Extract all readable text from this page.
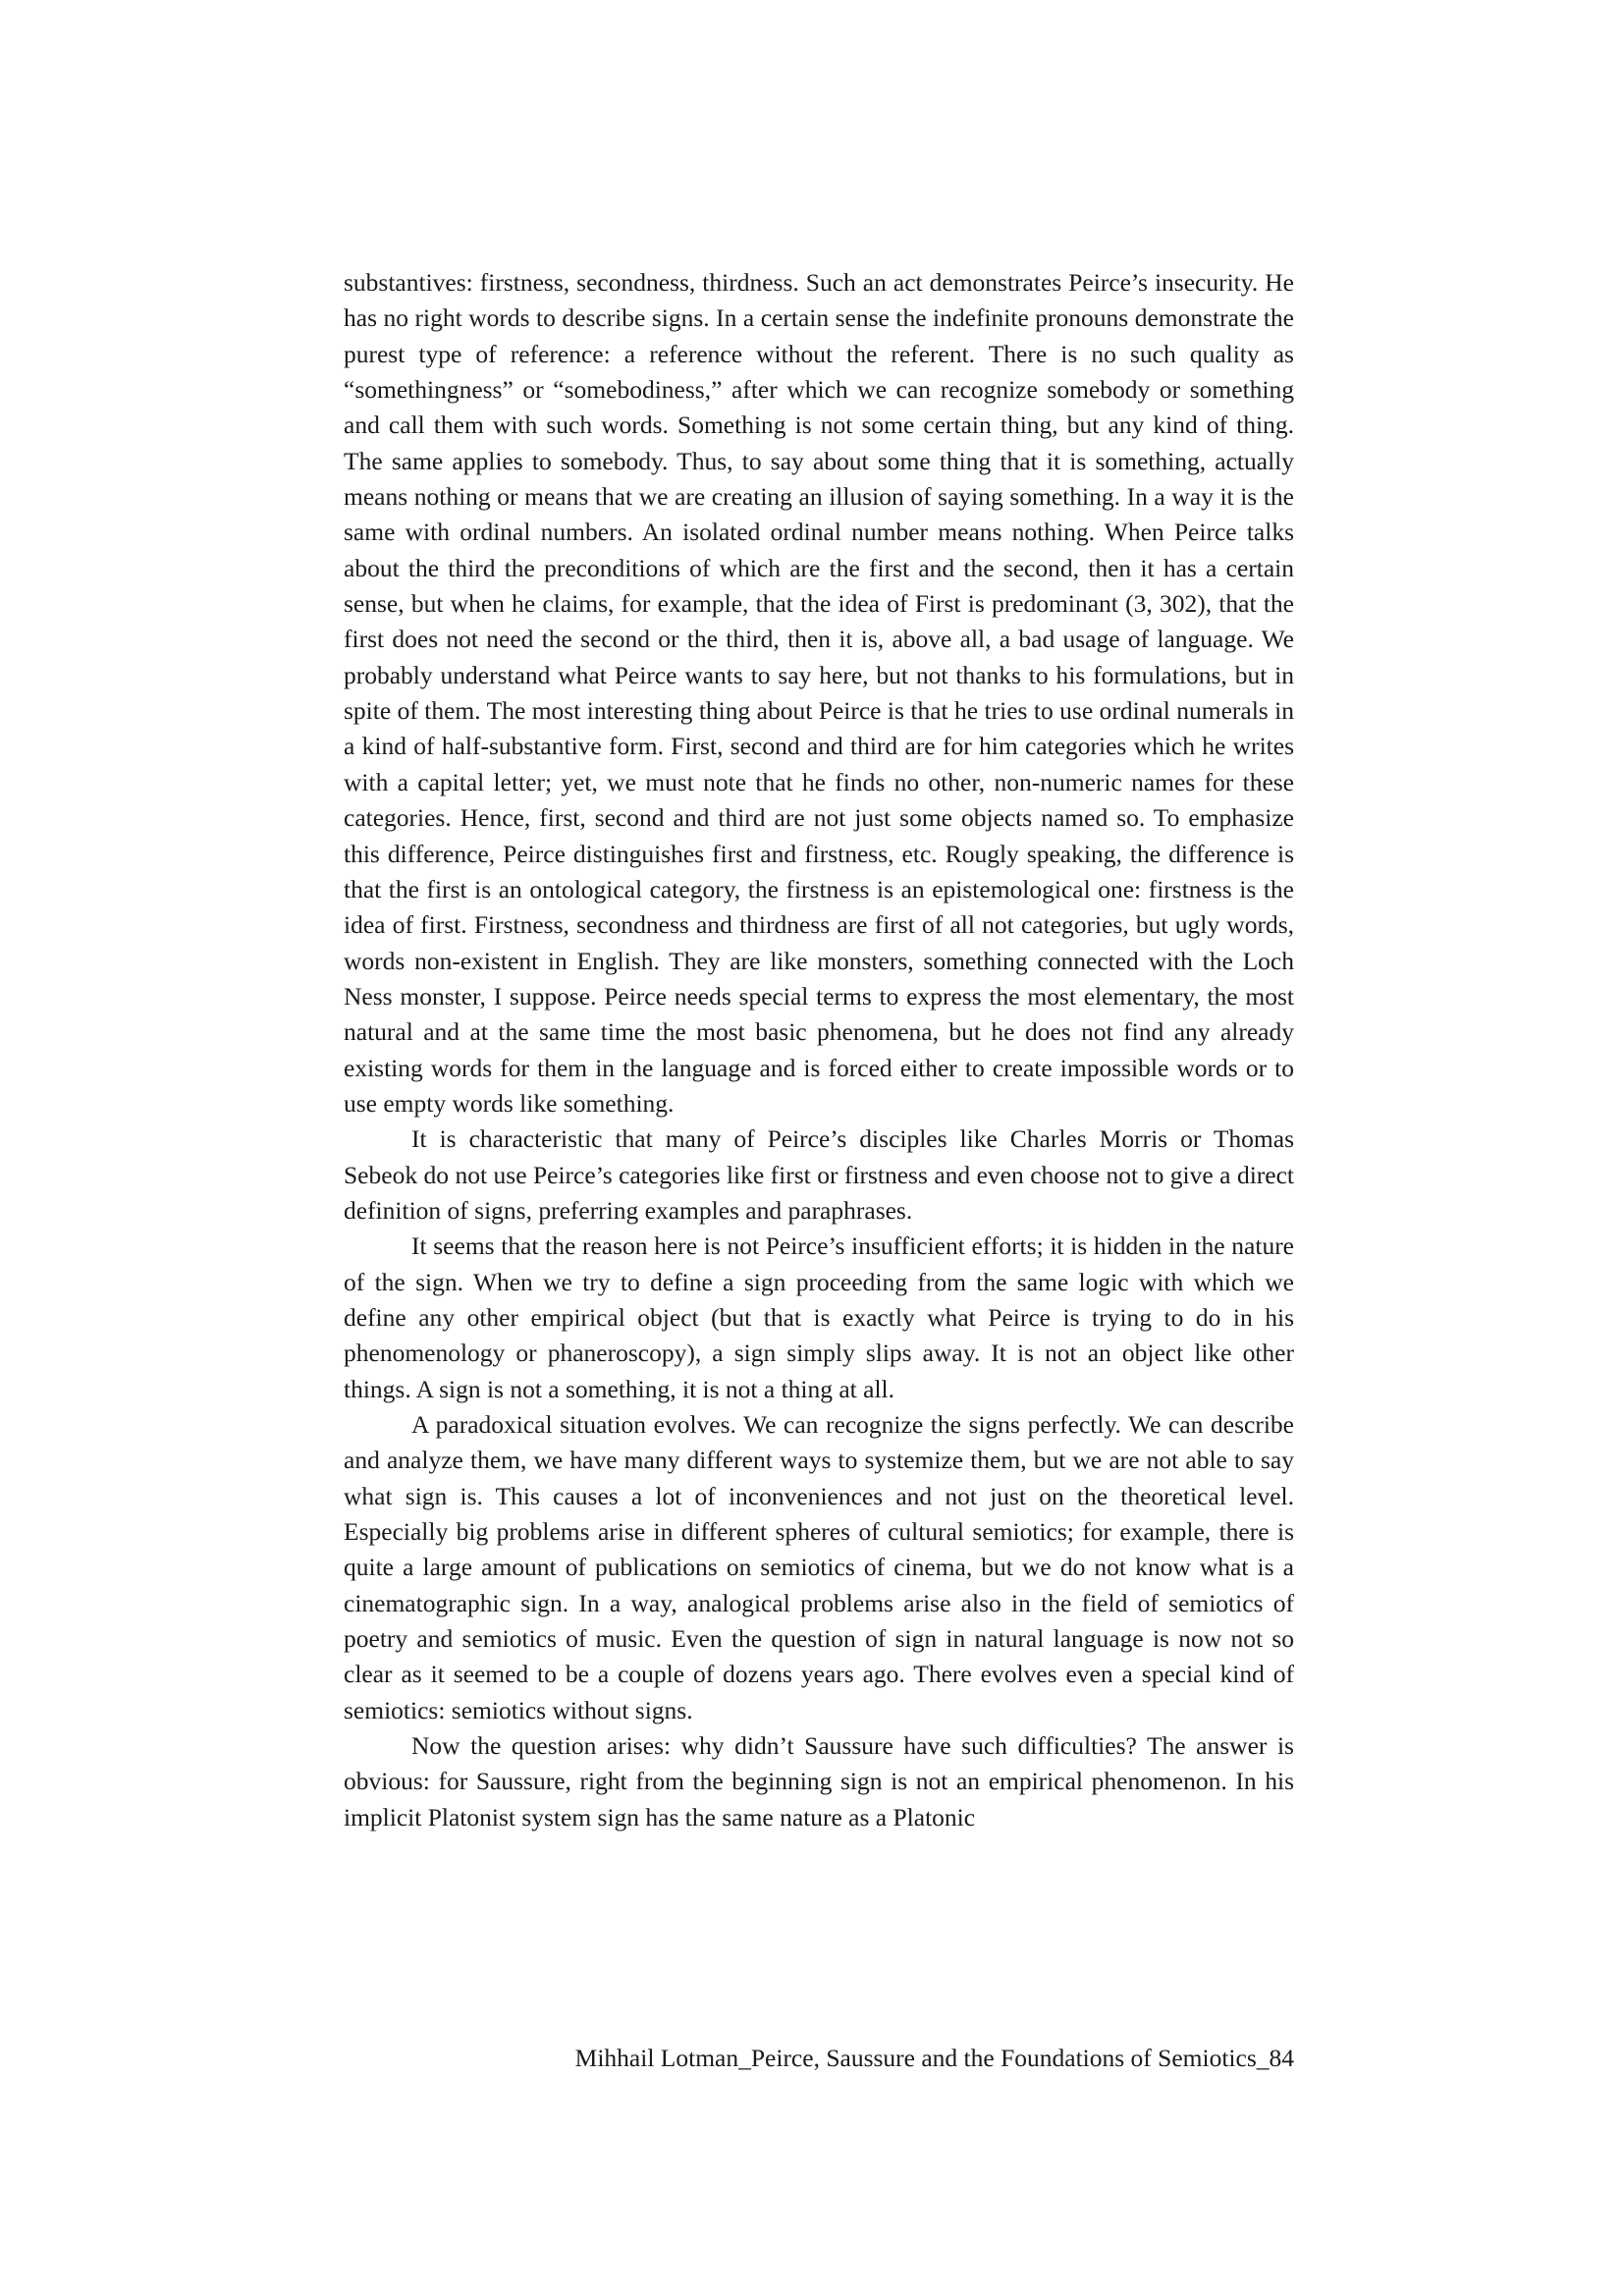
substantives: firstness, secondness, thirdness. Such an act demonstrates Peirce’s insecurity. He has no right words to describe signs. In a certain sense the indefinite pronouns demonstrate the purest type of reference: a reference without the referent. There is no such quality as “somethingness” or “somebodiness,” after which we can recognize somebody or something and call them with such words. Something is not some certain thing, but any kind of thing. The same applies to somebody. Thus, to say about some thing that it is something, actually means nothing or means that we are creating an illusion of saying something. In a way it is the same with ordinal numbers. An isolated ordinal number means nothing. When Peirce talks about the third the preconditions of which are the first and the second, then it has a certain sense, but when he claims, for example, that the idea of First is predominant (3, 302), that the first does not need the second or the third, then it is, above all, a bad usage of language. We probably understand what Peirce wants to say here, but not thanks to his formulations, but in spite of them. The most interesting thing about Peirce is that he tries to use ordinal numerals in a kind of half-substantive form. First, second and third are for him categories which he writes with a capital letter; yet, we must note that he finds no other, non-numeric names for these categories. Hence, first, second and third are not just some objects named so. To emphasize this difference, Peirce distinguishes first and firstness, etc. Rougly speaking, the difference is that the first is an ontological category, the firstness is an epistemological one: firstness is the idea of first. Firstness, secondness and thirdness are first of all not categories, but ugly words, words non-existent in English. They are like monsters, something connected with the Loch Ness monster, I suppose. Peirce needs special terms to express the most elementary, the most natural and at the same time the most basic phenomena, but he does not find any already existing words for them in the language and is forced either to create impossible words or to use empty words like something.

It is characteristic that many of Peirce’s disciples like Charles Morris or Thomas Sebeok do not use Peirce’s categories like first or firstness and even choose not to give a direct definition of signs, preferring examples and paraphrases.

It seems that the reason here is not Peirce’s insufficient efforts; it is hidden in the nature of the sign. When we try to define a sign proceeding from the same logic with which we define any other empirical object (but that is exactly what Peirce is trying to do in his phenomenology or phaneroscopy), a sign simply slips away. It is not an object like other things. A sign is not a something, it is not a thing at all.

A paradoxical situation evolves. We can recognize the signs perfectly. We can describe and analyze them, we have many different ways to systemize them, but we are not able to say what sign is. This causes a lot of inconveniences and not just on the theoretical level. Especially big problems arise in different spheres of cultural semiotics; for example, there is quite a large amount of publications on semiotics of cinema, but we do not know what is a cinematographic sign. In a way, analogical problems arise also in the field of semiotics of poetry and semiotics of music. Even the question of sign in natural language is now not so clear as it seemed to be a couple of dozens years ago. There evolves even a special kind of semiotics: semiotics without signs.

Now the question arises: why didn’t Saussure have such difficulties? The answer is obvious: for Saussure, right from the beginning sign is not an empirical phenomenon. In his implicit Platonist system sign has the same nature as a Platonic

Mihhail Lotman_Peirce, Saussure and the Foundations of Semiotics_84
